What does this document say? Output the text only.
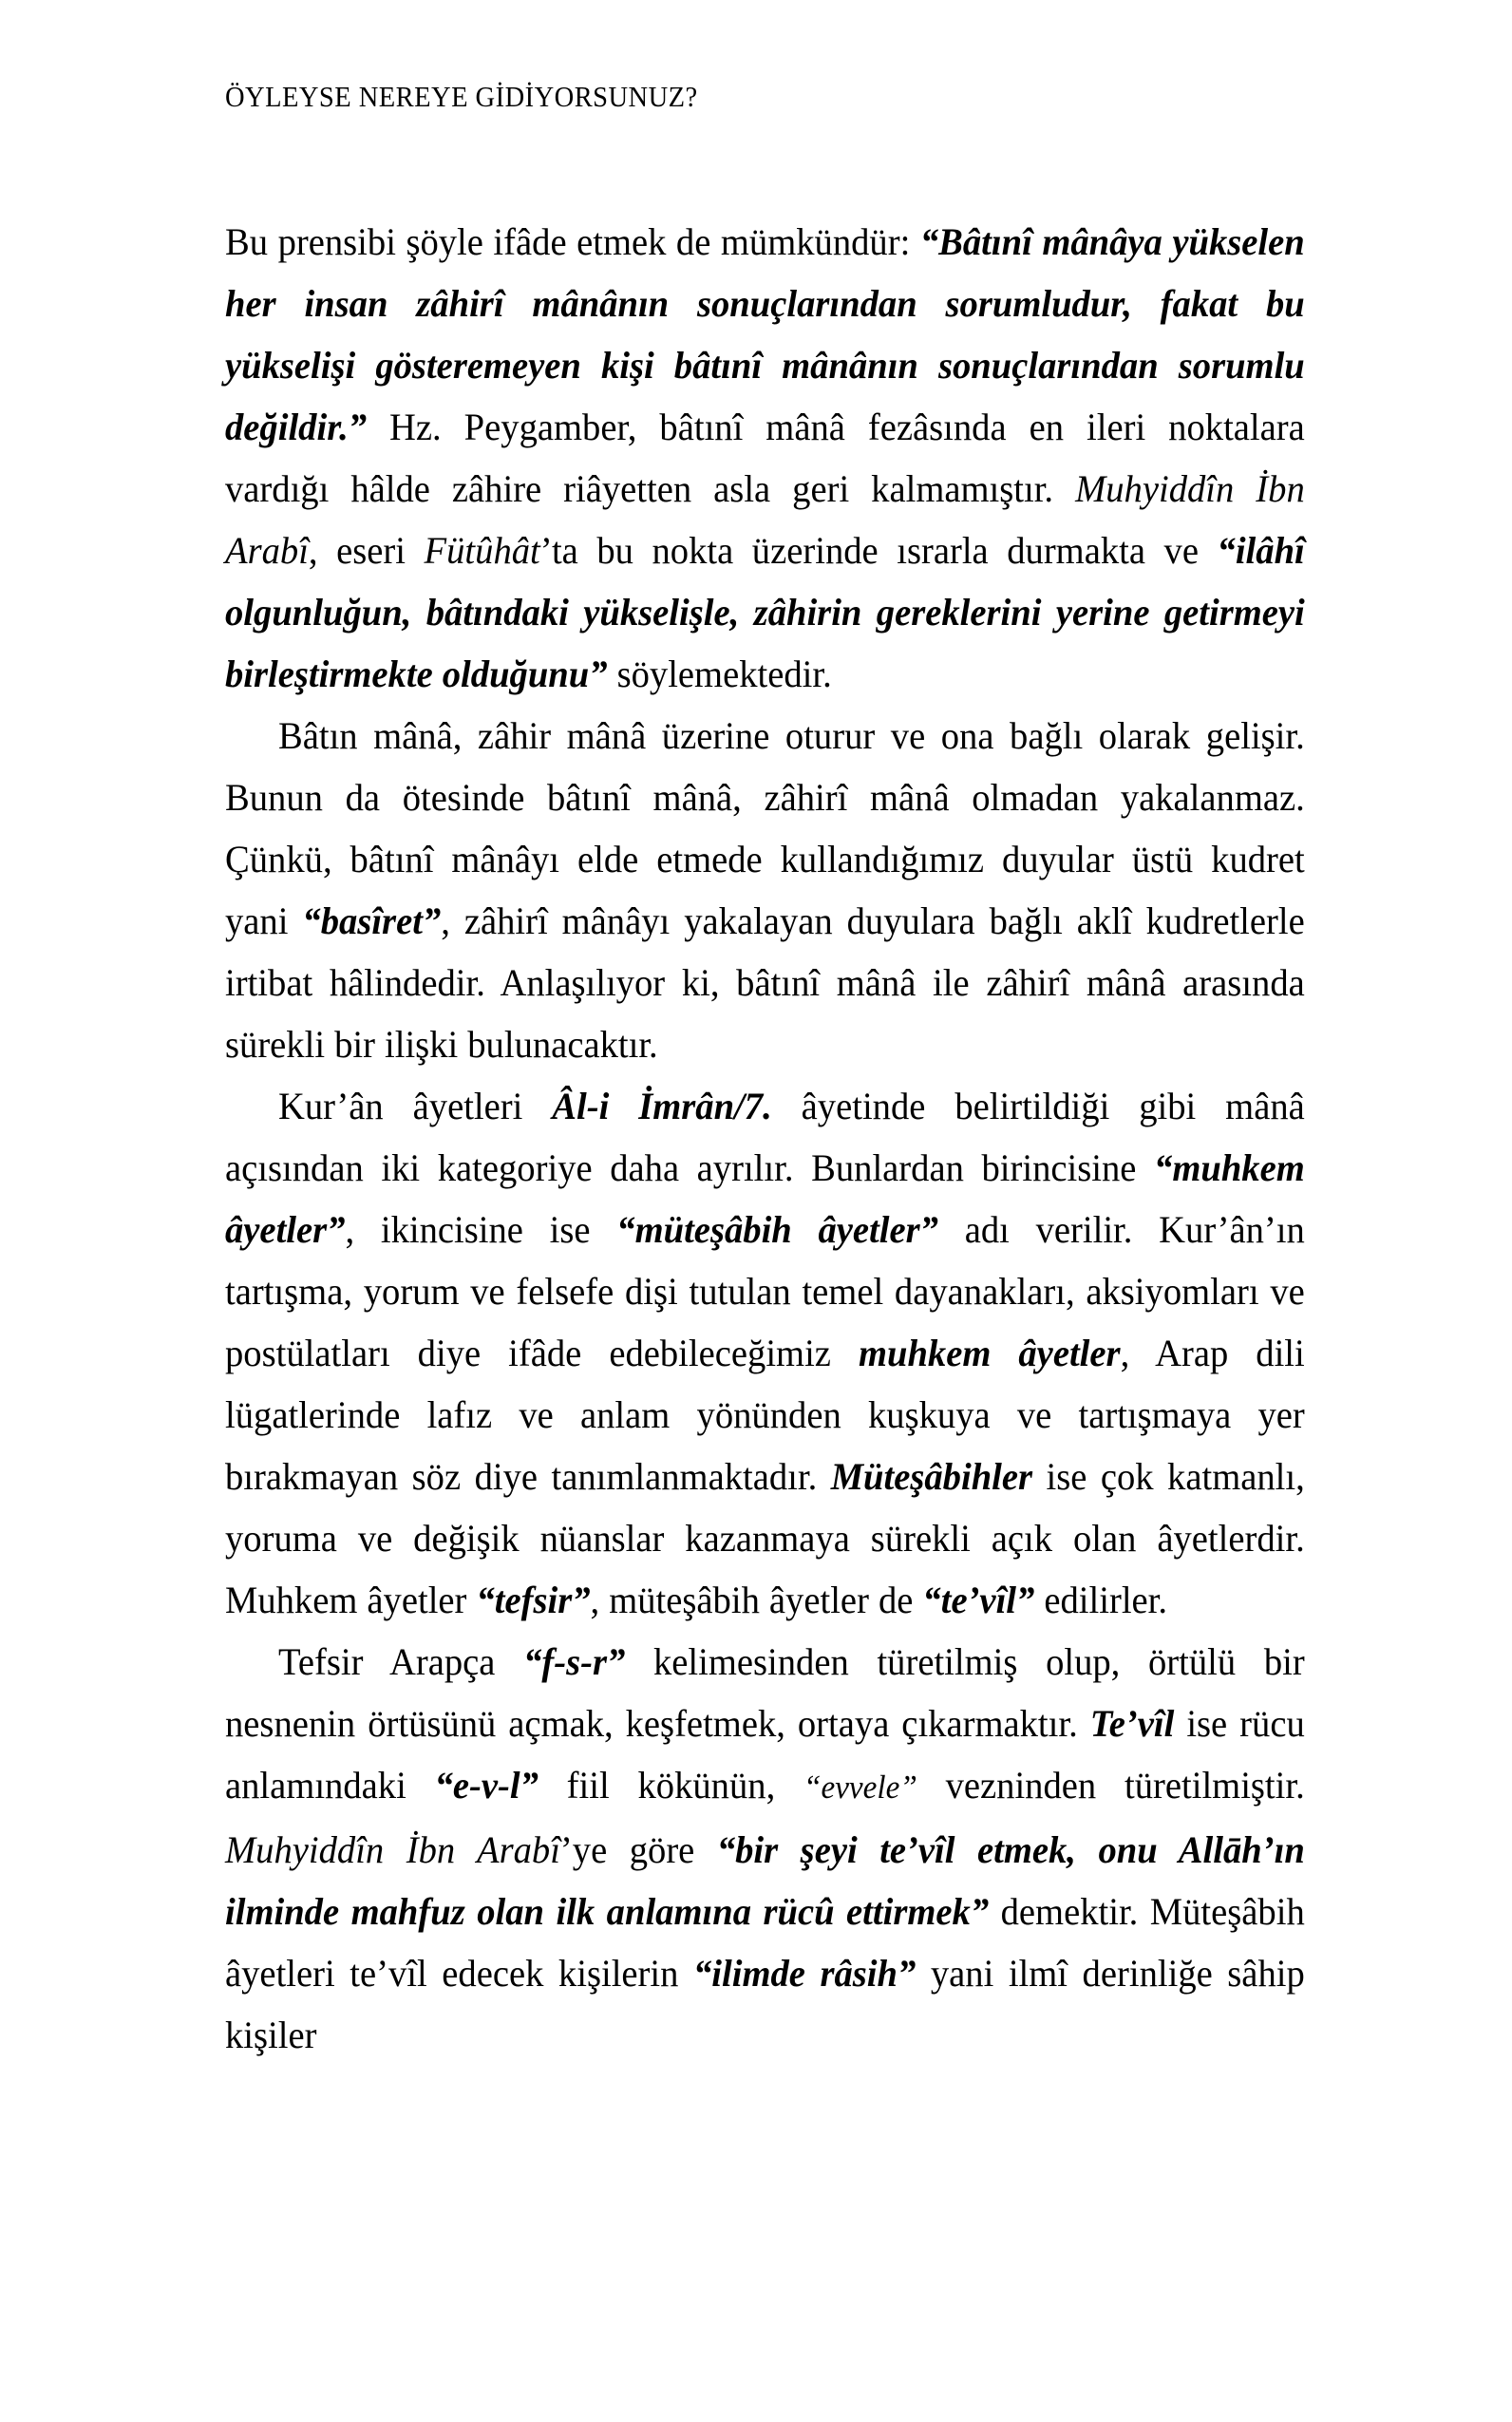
ÖYLEYSE NEREYE GİDİYORSUNUZ?

Bu prensibi şöyle ifâde etmek de mümkündür: “Bâtınî mânâya yükselen her insan zâhirî mânânın sonuçlarından sorumludur, fakat bu yükselişi gösteremeyen kişi bâtınî mânânın sonuçlarından sorumlu değildir.” Hz. Peygamber, bâtınî mânâ fezâsında en ileri noktalara vardığı hâlde zâhire riâyetten asla geri kalmamıştır. Muhyiddîn İbn Arabî, eseri Fütûhât’ta bu nokta üzerinde ısrarla durmakta ve “ilâhî olgunluğun, bâtındaki yükselişle, zâhirin gereklerini yerine getirmeyi birleştirmekte olduğunu” söylemektedir.

Bâtın mânâ, zâhir mânâ üzerine oturur ve ona bağlı olarak gelişir. Bunun da ötesinde bâtınî mânâ, zâhirî mânâ olmadan yakalanmaz. Çünkü, bâtınî mânâyı elde etmede kullandığımız duyular üstü kudret yani “basîret”, zâhirî mânâyı yakalayan duyulara bağlı aklî kudretlerle irtibat hâlindedir. Anlaşılıyor ki, bâtınî mânâ ile zâhirî mânâ arasında sürekli bir ilişki bulunacaktır.

Kur’ân âyetleri Âl-i İmrân/7. âyetinde belirtildiği gibi mânâ açısından iki kategoriye daha ayrılır. Bunlardan birincisine “muhkem âyetler”, ikincisine ise “müteşâbih âyetler” adı verilir. Kur’ân’ın tartışma, yorum ve felsefe dişi tutulan temel dayanakları, aksiyomları ve postülatları diye ifâde edebileceğimiz muhkem âyetler, Arap dili lügatlerinde lafız ve anlam yönünden kuşkuya ve tartışmaya yer bırakmayan söz diye tanımlanmaktadır. Müteşâbihler ise çok katmanlı, yoruma ve değişik nüanslar kazanmaya sürekli açık olan âyetlerdir. Muhkem âyetler “tefsir”, müteşâbih âyetler de “te’vîl” edilirler.

Tefsir Arapça “f-s-r” kelimesinden türetilmiş olup, örtülü bir nesnenin örtüsünü açmak, keşfetmek, ortaya çıkarmaktır. Te’vîl ise rücu anlamındaki “e-v-l” fiil kökünün, “evvele” vezninden türetilmiştir. Muhyiddîn İbn Arabî’ye göre “bir şeyi te’vîl etmek, onu Allāh’ın ilminde mahfuz olan ilk anlamına rücû ettirmek” demektir. Müteşâbih âyetleri te’vîl edecek kişilerin “ilimde râsih” yani ilmî derinliğe sâhip kişiler
